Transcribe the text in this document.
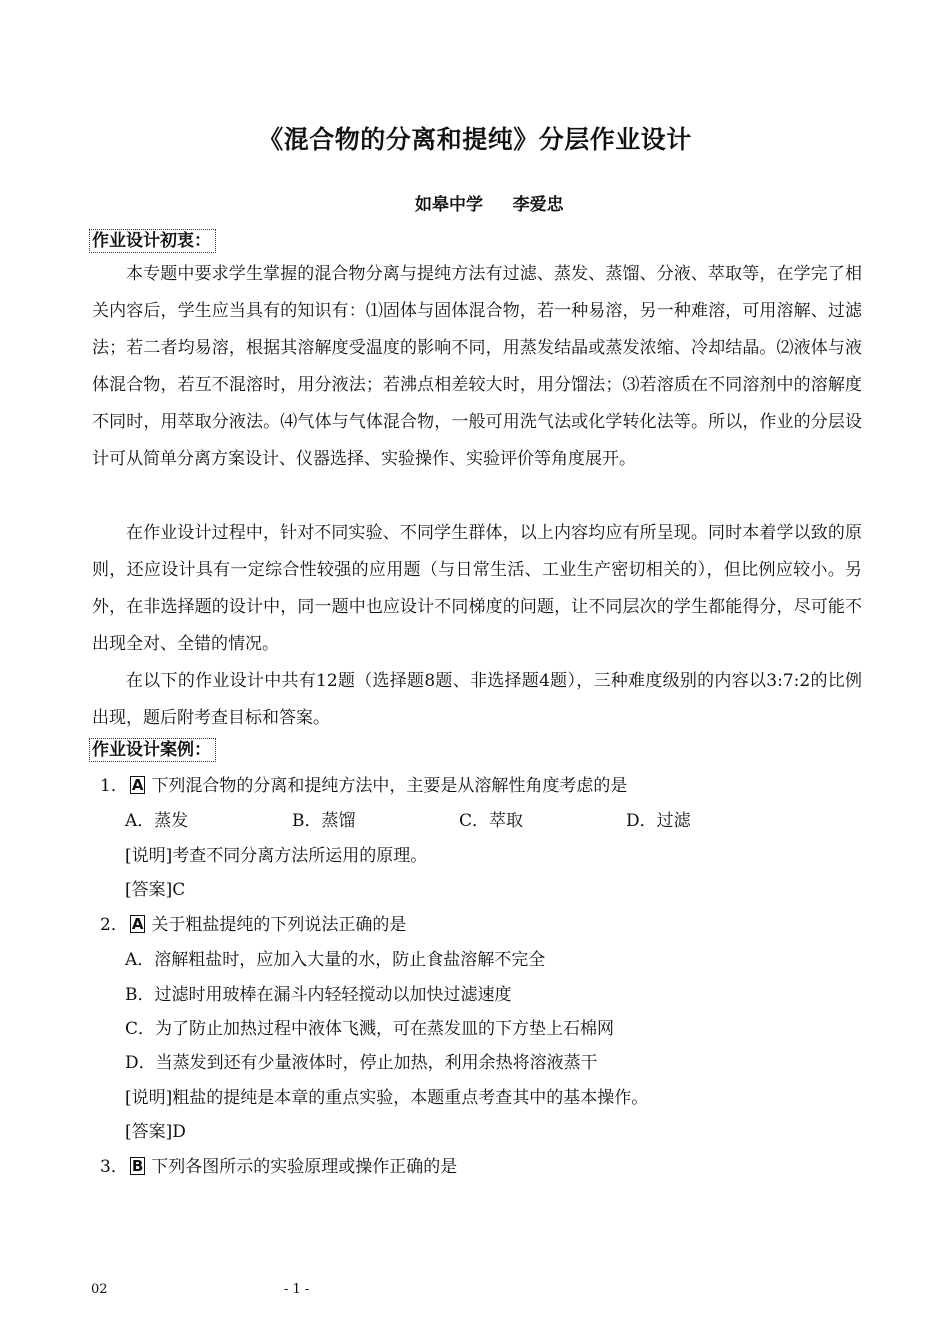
《混合物的分离和提纯》分层作业设计
如皋中学     李爱忠
作业设计初衷：
本专题中要求学生掌握的混合物分离与提纯方法有过滤、蒸发、蒸馏、分液、萃取等，在学完了相关内容后，学生应当具有的知识有：⑴固体与固体混合物，若一种易溶，另一种难溶，可用溶解、过滤法；若二者均易溶，根据其溶解度受温度的影响不同，用蒸发结晶或蒸发浓缩、冷却结晶。⑵液体与液体混合物，若互不混溶时，用分液法；若沸点相差较大时，用分馏法；⑶若溶质在不同溶剂中的溶解度不同时，用萃取分液法。⑷气体与气体混合物，一般可用洗气法或化学转化法等。所以，作业的分层设计可从简单分离方案设计、仪器选择、实验操作、实验评价等角度展开。
在作业设计过程中，针对不同实验、不同学生群体，以上内容均应有所呈现。同时本着学以致的原则，还应设计具有一定综合性较强的应用题（与日常生活、工业生产密切相关的），但比例应较小。另外，在非选择题的设计中，同一题中也应设计不同梯度的问题，让不同层次的学生都能得分，尽可能不出现全对、全错的情况。
在以下的作业设计中共有12题（选择题8题、非选择题4题），三种难度级别的内容以3:7:2的比例出现，题后附考查目标和答案。
作业设计案例：
1． A 下列混合物的分离和提纯方法中，主要是从溶解性角度考虑的是
A．蒸发	B．蒸馏	C．萃取	D．过滤
[说明]考查不同分离方法所运用的原理。
[答案]C
2． A 关于粗盐提纯的下列说法正确的是
A．溶解粗盐时，应加入大量的水，防止食盐溶解不完全
B．过滤时用玻棒在漏斗内轻轻搅动以加快过滤速度
C．为了防止加热过程中液体飞溅，可在蒸发皿的下方垫上石棉网
D．当蒸发到还有少量液体时，停止加热，利用余热将溶液蒸干
[说明]粗盐的提纯是本章的重点实验，本题重点考查其中的基本操作。
[答案]D
3． B 下列各图所示的实验原理或操作正确的是
02	- 1 -
